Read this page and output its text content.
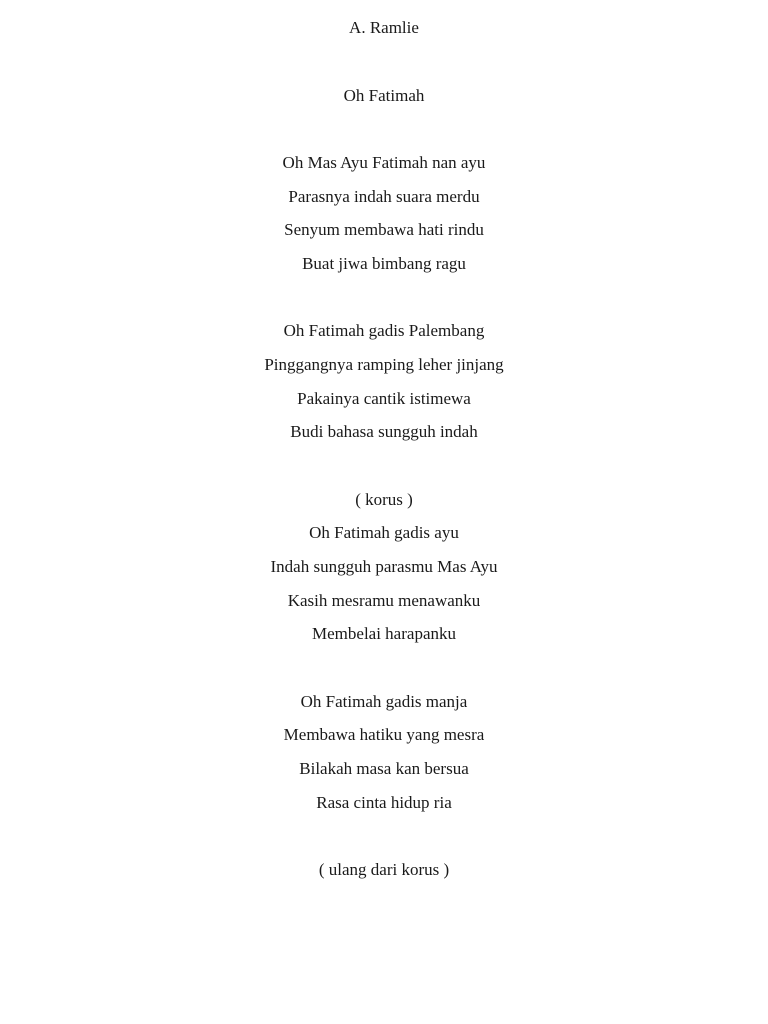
A. Ramlie
Oh Fatimah
Oh Mas Ayu Fatimah nan ayu
Parasnya indah suara merdu
Senyum membawa hati rindu
Buat jiwa bimbang ragu
Oh Fatimah gadis Palembang
Pinggangnya ramping leher jinjang
Pakainya cantik istimewa
Budi bahasa sungguh indah
( korus )
Oh Fatimah gadis ayu
Indah sungguh parasmu Mas Ayu
Kasih mesramu menawanku
Membelai harapanku
Oh Fatimah gadis manja
Membawa hatiku yang mesra
Bilakah masa kan bersua
Rasa cinta hidup ria
( ulang dari korus )
